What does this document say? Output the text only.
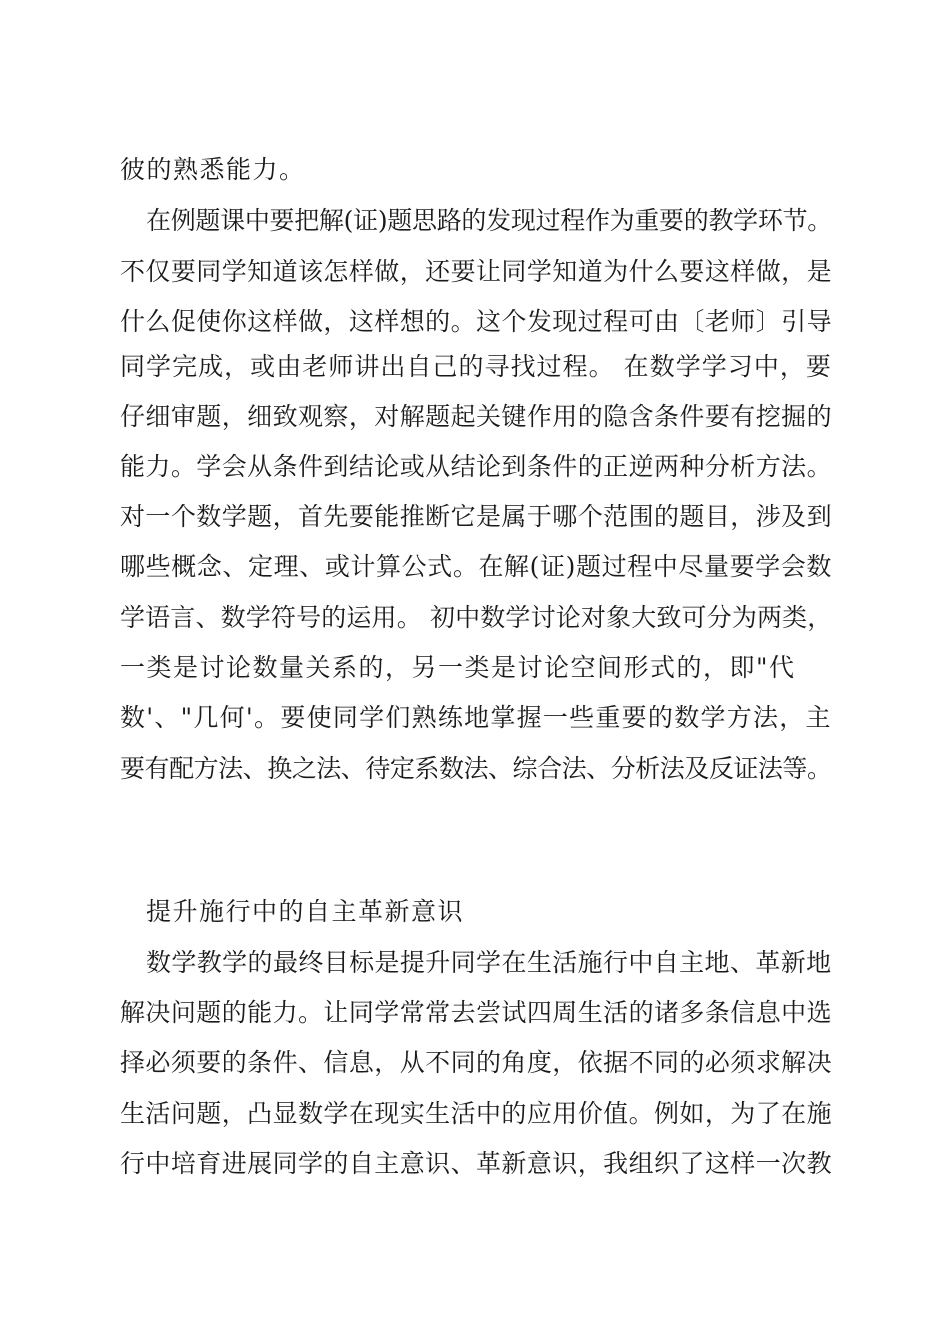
彼的熟悉能力。
在例题课中要把解(证)题思路的发现过程作为重要的教学环节。
不仅要同学知道该怎样做，还要让同学知道为什么要这样做，是
什么促使你这样做，这样想的。这个发现过程可由〔老师〕引导
同学完成，或由老师讲出自己的寻找过程。 在数学学习中，要
仔细审题，细致观察，对解题起关键作用的隐含条件要有挖掘的
能力。学会从条件到结论或从结论到条件的正逆两种分析方法。
对一个数学题，首先要能推断它是属于哪个范围的题目，涉及到
哪些概念、定理、或计算公式。在解(证)题过程中尽量要学会数
学语言、数学符号的运用。 初中数学讨论对象大致可分为两类，
一类是讨论数量关系的，另一类是讨论空间形式的，即"代
数'、"几何'。要使同学们熟练地掌握一些重要的数学方法，主
要有配方法、换之法、待定系数法、综合法、分析法及反证法等。
提升施行中的自主革新意识
数学教学的最终目标是提升同学在生活施行中自主地、革新地
解决问题的能力。让同学常常去尝试四周生活的诸多条信息中选
择必须要的条件、信息，从不同的角度，依据不同的必须求解决
生活问题，凸显数学在现实生活中的应用价值。例如，为了在施
行中培育进展同学的自主意识、革新意识，我组织了这样一次教
